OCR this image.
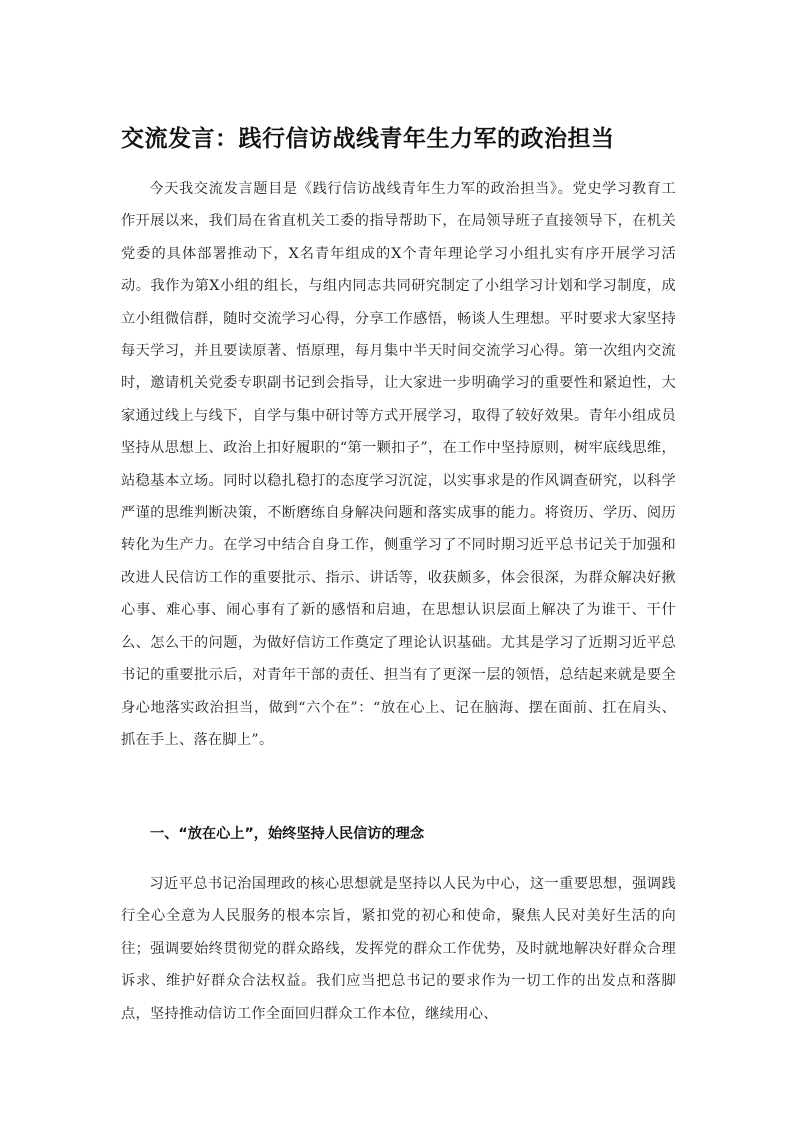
交流发言：践行信访战线青年生力军的政治担当

今天我交流发言题目是《践行信访战线青年生力军的政治担当》。党史学习教育工作开展以来，我们局在省直机关工委的指导帮助下，在局领导班子直接领导下，在机关党委的具体部署推动下，X名青年组成的X个青年理论学习小组扎实有序开展学习活动。我作为第X小组的组长，与组内同志共同研究制定了小组学习计划和学习制度，成立小组微信群，随时交流学习心得，分享工作感悟，畅谈人生理想。平时要求大家坚持每天学习，并且要读原著、悟原理，每月集中半天时间交流学习心得。第一次组内交流时，邀请机关党委专职副书记到会指导，让大家进一步明确学习的重要性和紧迫性，大家通过线上与线下，自学与集中研讨等方式开展学习，取得了较好效果。青年小组成员坚持从思想上、政治上扣好履职的“第一颗扣子”，在工作中坚持原则，树牢底线思维，站稳基本立场。同时以稳扎稳打的态度学习沉淀，以实事求是的作风调查研究，以科学严谨的思维判断决策，不断磨练自身解决问题和落实成事的能力。将资历、学历、阅历转化为生产力。在学习中结合自身工作，侧重学习了不同时期习近平总书记关于加强和改进人民信访工作的重要批示、指示、讲话等，收获颇多，体会很深，为群众解决好揪心事、难心事、闹心事有了新的感悟和启迪，在思想认识层面上解决了为谁干、干什么、怎么干的问题，为做好信访工作奠定了理论认识基础。尤其是学习了近期习近平总书记的重要批示后，对青年干部的责任、担当有了更深一层的领悟，总结起来就是要全身心地落实政治担当，做到“六个在”：“放在心上、记在脑海、摆在面前、扛在肩头、抓在手上、落在脚上”。

一、“放在心上”，始终坚持人民信访的理念

习近平总书记治国理政的核心思想就是坚持以人民为中心，这一重要思想，强调践行全心全意为人民服务的根本宗旨，紧扣党的初心和使命，聚焦人民对美好生活的向往；强调要始终贯彻党的群众路线，发挥党的群众工作优势，及时就地解决好群众合理诉求、维护好群众合法权益。我们应当把总书记的要求作为一切工作的出发点和落脚点，坚持推动信访工作全面回归群众工作本位，继续用心、
